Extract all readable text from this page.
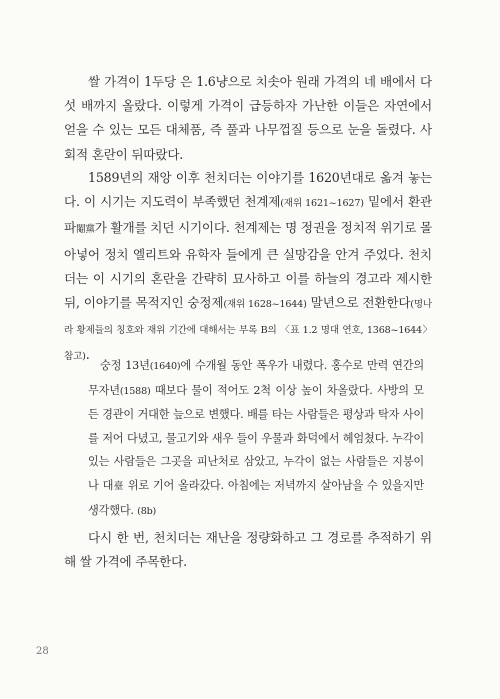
쌀 가격이 1두당 은 1.6냥으로 치솟아 원래 가격의 네 배에서 다섯 배까지 올랐다. 이렇게 가격이 급등하자 가난한 이들은 자연에서 얻을 수 있는 모든 대체품, 즉 풀과 나무껍질 등으로 눈을 돌렸다. 사회적 혼란이 뒤따랐다.

1589년의 재앙 이후 천치더는 이야기를 1620년대로 옮겨 놓는다. 이 시기는 지도력이 부족했던 천계제(재위 1621~1627) 밑에서 환관파閹黨가 활개를 치던 시기이다. 천계제는 명 정권을 정치적 위기로 몰아넣어 정치 엘리트와 유학자 들에게 큰 실망감을 안겨 주었다. 천치더는 이 시기의 혼란을 간략히 묘사하고 이를 하늘의 경고라 제시한 뒤, 이야기를 목적지인 숭정제(재위 1628~1644) 말년으로 전환한다(명나라 황제들의 칭호와 재위 기간에 대해서는 부록 B의 〈표 1.2 명대 연호, 1368~1644〉 참고).

숭정 13년(1640)에 수개월 동안 폭우가 내렸다. 홍수로 만력 연간의 무자년(1588) 때보다 물이 적어도 2척 이상 높이 차올랐다. 사방의 모든 경관이 거대한 늪으로 변했다. 배를 타는 사람들은 평상과 탁자 사이를 저어 다녔고, 물고기와 새우 들이 우물과 화덕에서 헤엄쳤다. 누각이 있는 사람들은 그곳을 피난처로 삼았고, 누각이 없는 사람들은 지붕이나 대臺 위로 기어 올라갔다. 아침에는 저녁까지 살아남을 수 있을지만 생각했다. (8b)

다시 한 번, 천치더는 재난을 정량화하고 그 경로를 추적하기 위해 쌀 가격에 주목한다.

28
